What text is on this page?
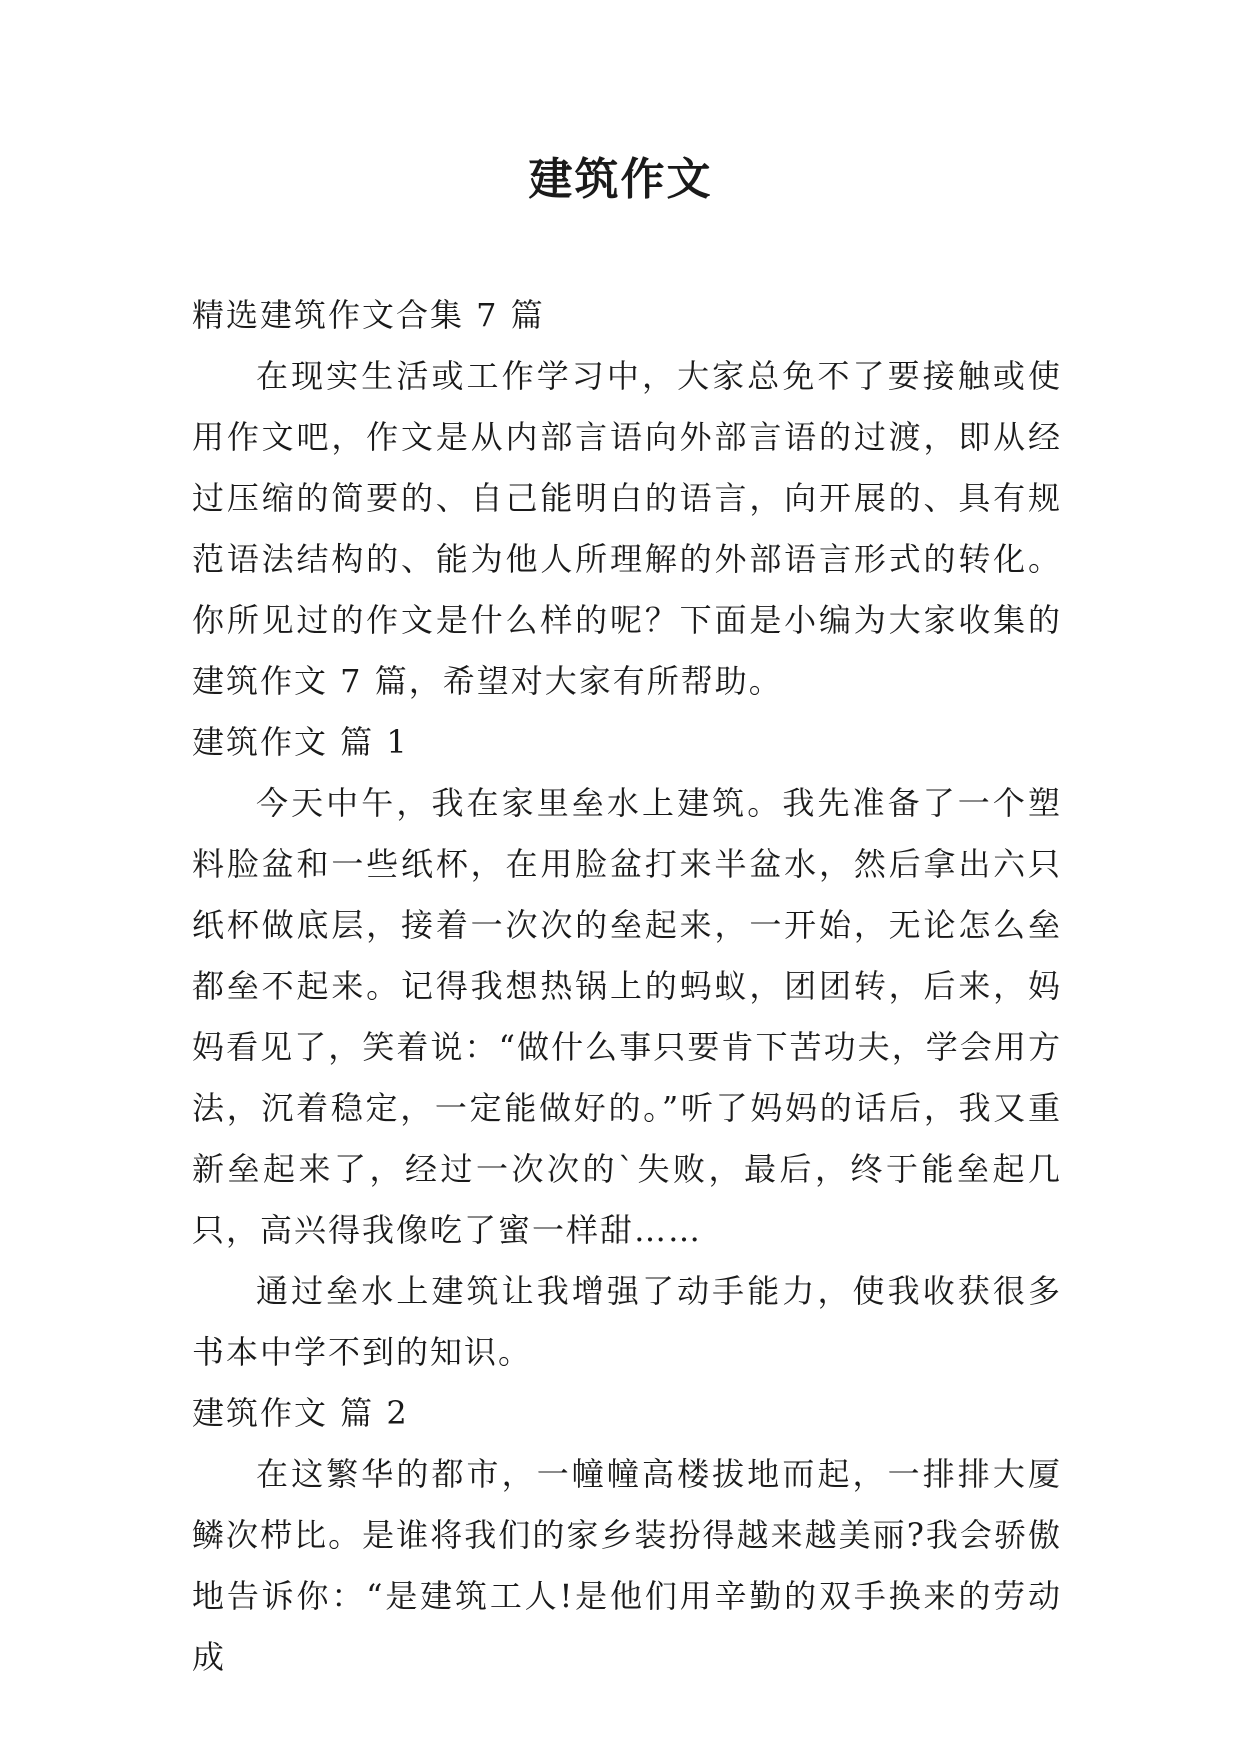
建筑作文

精选建筑作文合集 7 篇

在现实生活或工作学习中，大家总免不了要接触或使用作文吧，作文是从内部言语向外部言语的过渡，即从经过压缩的简要的、自己能明白的语言，向开展的、具有规范语法结构的、能为他人所理解的外部语言形式的转化。你所见过的作文是什么样的呢？下面是小编为大家收集的建筑作文 7 篇，希望对大家有所帮助。

建筑作文 篇 1

今天中午，我在家里垒水上建筑。我先准备了一个塑料脸盆和一些纸杯，在用脸盆打来半盆水，然后拿出六只纸杯做底层，接着一次次的垒起来，一开始，无论怎么垒都垒不起来。记得我想热锅上的蚂蚁，团团转，后来，妈妈看见了，笑着说：“做什么事只要肯下苦功夫，学会用方法，沉着稳定，一定能做好的。”听了妈妈的话后，我又重新垒起来了，经过一次次的`失败，最后，终于能垒起几只，高兴得我像吃了蜜一样甜……

通过垒水上建筑让我增强了动手能力，使我收获很多书本中学不到的知识。

建筑作文 篇 2

在这繁华的都市，一幢幢高楼拔地而起，一排排大厦鳞次栉比。是谁将我们的家乡装扮得越来越美丽?我会骄傲地告诉你：“是建筑工人!是他们用辛勤的双手换来的劳动成
